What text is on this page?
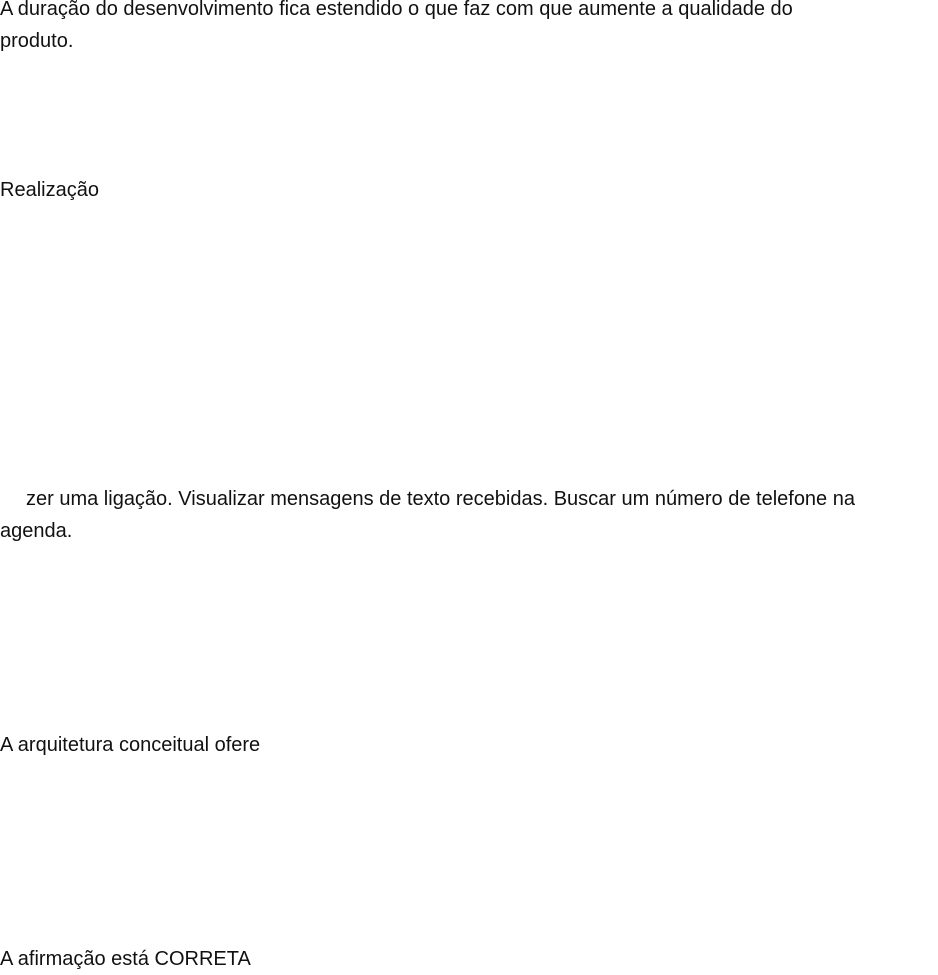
A duração do desenvolvimento fica estendido o que faz com que aumente a qualidade do

produto.

Realização

zer uma ligação. Visualizar mensagens de texto recebidas. Buscar um número de telefone na

agenda.

A arquitetura conceitual ofere

A afirmação está CORRETA
